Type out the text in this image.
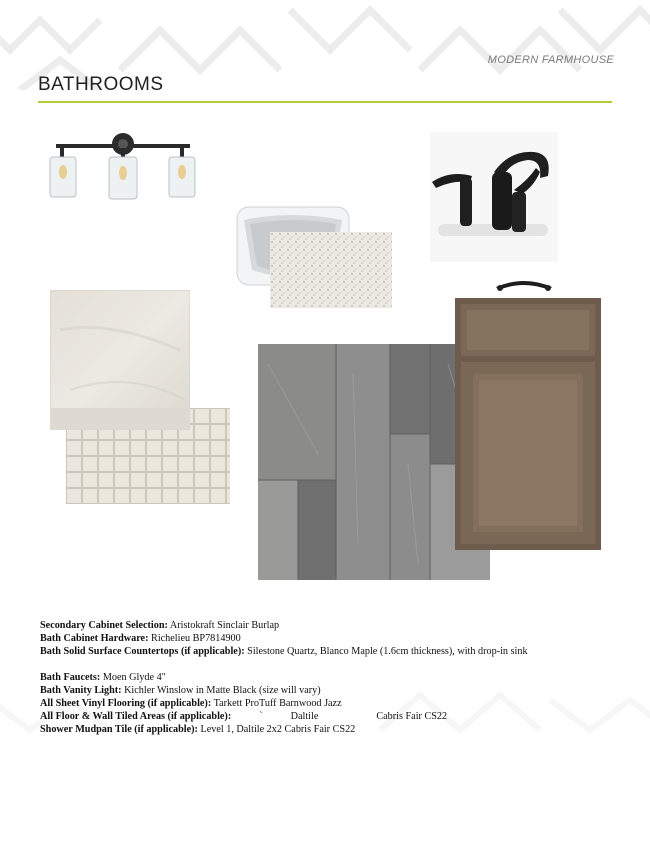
MODERN FARMHOUSE
BATHROOMS
Secondary Cabinet Selection: Aristokraft Sinclair Burlap
Bath Cabinet Hardware: Richelieu BP7814900
Bath Solid Surface Countertops (if applicable): Silestone Quartz, Blanco Maple (1.6cm thickness), with drop-in sink
Bath Faucets: Moen Glyde 4"
Bath Vanity Light: Kichler Winslow in Matte Black (size will vary)
All Sheet Vinyl Flooring (if applicable): Tarkett ProTuff Barnwood Jazz
All Floor & Wall Tiled Areas (if applicable):	`	Daltile	Cabris Fair CS22
Shower Mudpan Tile (if applicable): Level 1, Daltile 2x2 Cabris Fair CS22
